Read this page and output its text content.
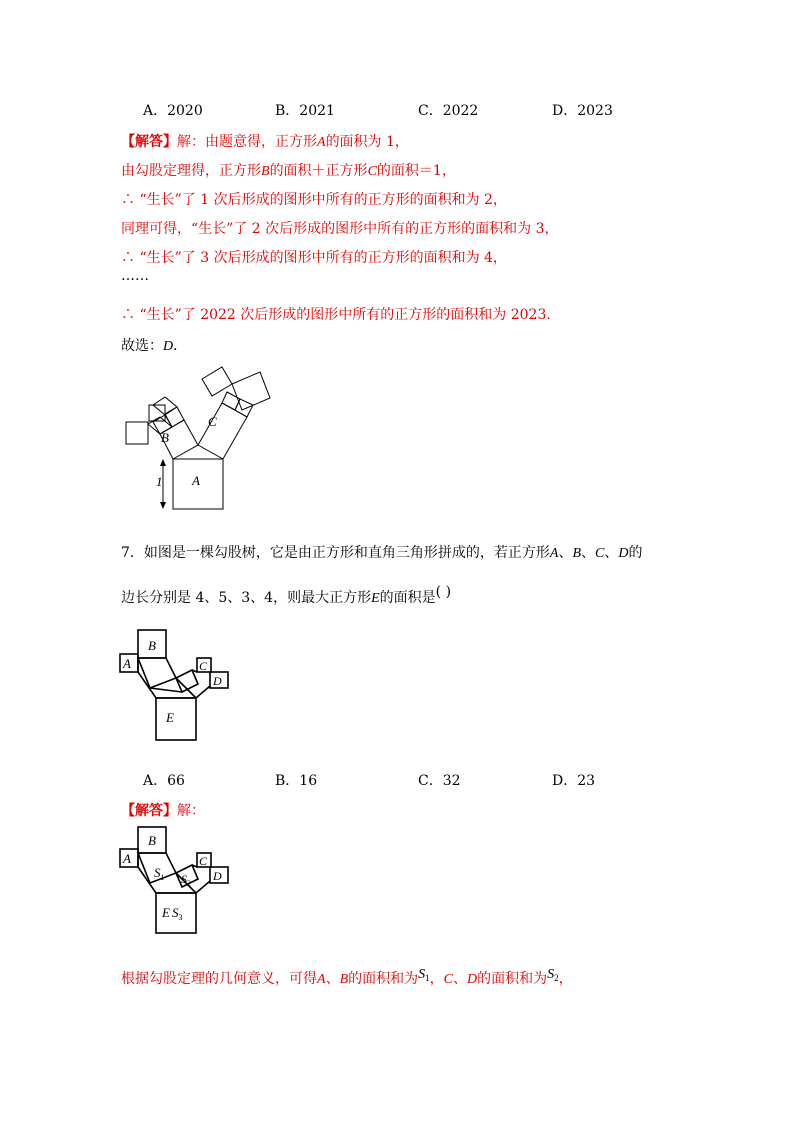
A．2020	B．2021	C．2022	D．2023
【解答】解：由题意得，正方形A的面积为 1，
由勾股定理得，正方形B的面积＋正方形C的面积＝1，
∴ “生长”了 1 次后形成的图形中所有的正方形的面积和为 2，
同理可得，“生长”了 2 次后形成的图形中所有的正方形的面积和为 3，
∴ “生长”了 3 次后形成的图形中所有的正方形的面积和为 4，
……
∴ “生长”了 2022 次后形成的图形中所有的正方形的面积和为 2023.
故选：D．
1 A
B
C
7．如图是一棵勾股树，它是由正方形和直角三角形拼成的，若正方形A、B、C、D的
边长分别是 4、5、3、4，则最大正方形E的面积是( )
B
A	C
D
E
A．66	B．16	C．32	D．23
【解答】解：
B
A	C
D
$S_1$ $S_2$
E $S_3$
根据勾股定理的几何意义，可得A、B的面积和为$S_1$，C、D的面积和为$S_2$，
